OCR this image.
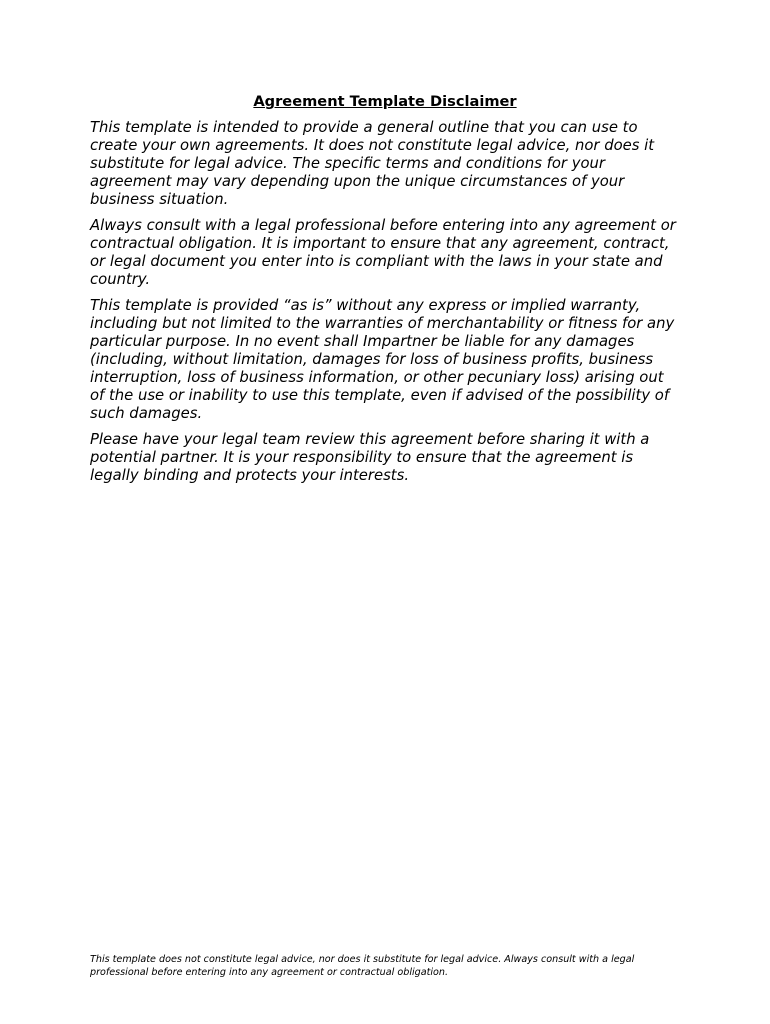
Agreement Template Disclaimer

This template is intended to provide a general outline that you can use to create your own agreements. It does not constitute legal advice, nor does it substitute for legal advice. The specific terms and conditions for your agreement may vary depending upon the unique circumstances of your business situation.

Always consult with a legal professional before entering into any agreement or contractual obligation. It is important to ensure that any agreement, contract, or legal document you enter into is compliant with the laws in your state and country.

This template is provided “as is” without any express or implied warranty, including but not limited to the warranties of merchantability or fitness for any particular purpose. In no event shall Impartner be liable for any damages (including, without limitation, damages for loss of business profits, business interruption, loss of business information, or other pecuniary loss) arising out of the use or inability to use this template, even if advised of the possibility of such damages.

Please have your legal team review this agreement before sharing it with a potential partner. It is your responsibility to ensure that the agreement is legally binding and protects your interests.

This template does not constitute legal advice, nor does it substitute for legal advice. Always consult with a legal professional before entering into any agreement or contractual obligation.
